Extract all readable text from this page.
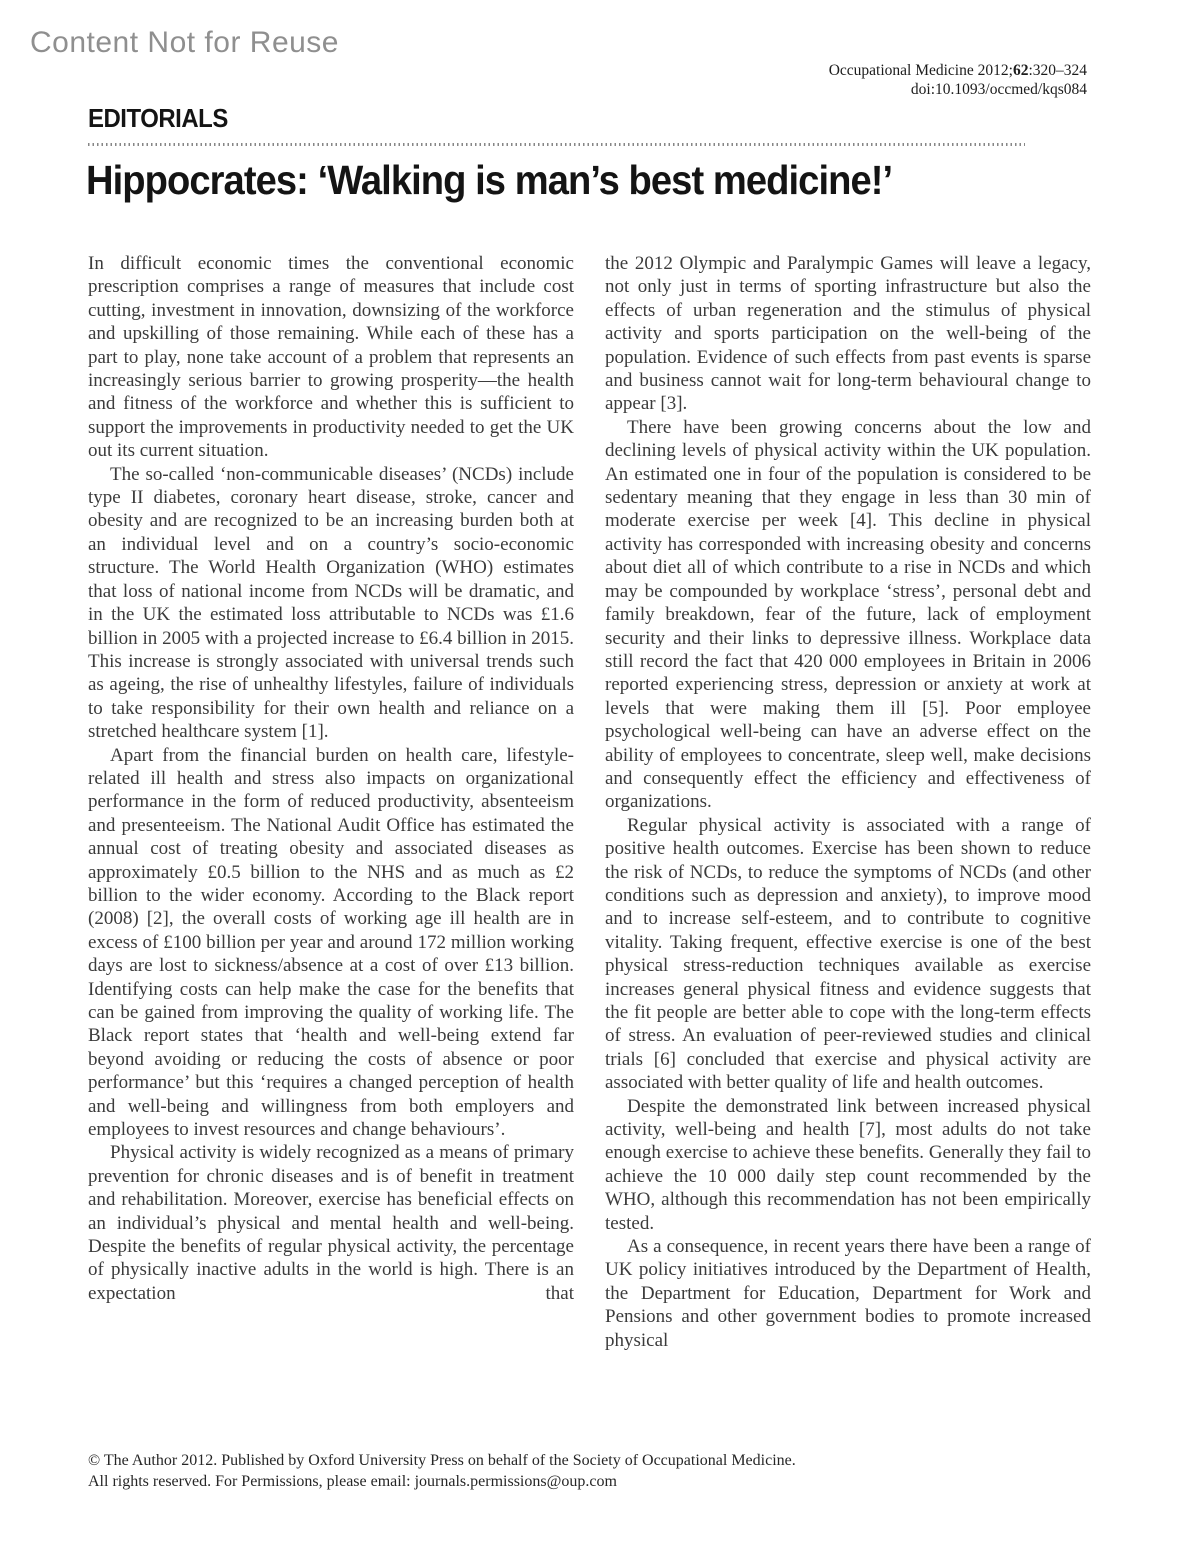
Content Not for Reuse
Occupational Medicine 2012;62:320–324
doi:10.1093/occmed/kqs084
EDITORIALS
Hippocrates: ‘Walking is man’s best medicine!’

In difficult economic times the conventional economic prescription comprises a range of measures that include cost cutting, investment in innovation, downsizing of the workforce and upskilling of those remaining. While each of these has a part to play, none take account of a problem that represents an increasingly serious barrier to growing prosperity—the health and fitness of the workforce and whether this is sufficient to support the improvements in productivity needed to get the UK out its current situation.

The so-called ‘non-communicable diseases’ (NCDs) include type II diabetes, coronary heart disease, stroke, cancer and obesity and are recognized to be an increasing burden both at an individual level and on a country’s socio-economic structure. The World Health Organization (WHO) estimates that loss of national income from NCDs will be dramatic, and in the UK the estimated loss attributable to NCDs was £1.6 billion in 2005 with a projected increase to £6.4 billion in 2015. This increase is strongly associated with universal trends such as ageing, the rise of unhealthy lifestyles, failure of individuals to take responsibility for their own health and reliance on a stretched healthcare system [1].

Apart from the financial burden on health care, lifestyle-related ill health and stress also impacts on organizational performance in the form of reduced productivity, absenteeism and presenteeism. The National Audit Office has estimated the annual cost of treating obesity and associated diseases as approximately £0.5 billion to the NHS and as much as £2 billion to the wider economy. According to the Black report (2008) [2], the overall costs of working age ill health are in excess of £100 billion per year and around 172 million working days are lost to sickness/absence at a cost of over £13 billion. Identifying costs can help make the case for the benefits that can be gained from improving the quality of working life. The Black report states that ‘health and well-being extend far beyond avoiding or reducing the costs of absence or poor performance’ but this ‘requires a changed perception of health and well-being and willingness from both employers and employees to invest resources and change behaviours’.

Physical activity is widely recognized as a means of primary prevention for chronic diseases and is of benefit in treatment and rehabilitation. Moreover, exercise has beneficial effects on an individual’s physical and mental health and well-being. Despite the benefits of regular physical activity, the percentage of physically inactive adults in the world is high. There is an expectation that

the 2012 Olympic and Paralympic Games will leave a legacy, not only just in terms of sporting infrastructure but also the effects of urban regeneration and the stimulus of physical activity and sports participation on the well-being of the population. Evidence of such effects from past events is sparse and business cannot wait for long-term behavioural change to appear [3].

There have been growing concerns about the low and declining levels of physical activity within the UK population. An estimated one in four of the population is considered to be sedentary meaning that they engage in less than 30 min of moderate exercise per week [4]. This decline in physical activity has corresponded with increasing obesity and concerns about diet all of which contribute to a rise in NCDs and which may be compounded by workplace ‘stress’, personal debt and family breakdown, fear of the future, lack of employment security and their links to depressive illness. Workplace data still record the fact that 420 000 employees in Britain in 2006 reported experiencing stress, depression or anxiety at work at levels that were making them ill [5]. Poor employee psychological well-being can have an adverse effect on the ability of employees to concentrate, sleep well, make decisions and consequently effect the efficiency and effectiveness of organizations.

Regular physical activity is associated with a range of positive health outcomes. Exercise has been shown to reduce the risk of NCDs, to reduce the symptoms of NCDs (and other conditions such as depression and anxiety), to improve mood and to increase self-esteem, and to contribute to cognitive vitality. Taking frequent, effective exercise is one of the best physical stress-reduction techniques available as exercise increases general physical fitness and evidence suggests that the fit people are better able to cope with the long-term effects of stress. An evaluation of peer-reviewed studies and clinical trials [6] concluded that exercise and physical activity are associated with better quality of life and health outcomes.

Despite the demonstrated link between increased physical activity, well-being and health [7], most adults do not take enough exercise to achieve these benefits. Generally they fail to achieve the 10 000 daily step count recommended by the WHO, although this recommendation has not been empirically tested.

As a consequence, in recent years there have been a range of UK policy initiatives introduced by the Department of Health, the Department for Education, Department for Work and Pensions and other government bodies to promote increased physical

© The Author 2012. Published by Oxford University Press on behalf of the Society of Occupational Medicine.
All rights reserved. For Permissions, please email: journals.permissions@oup.com
